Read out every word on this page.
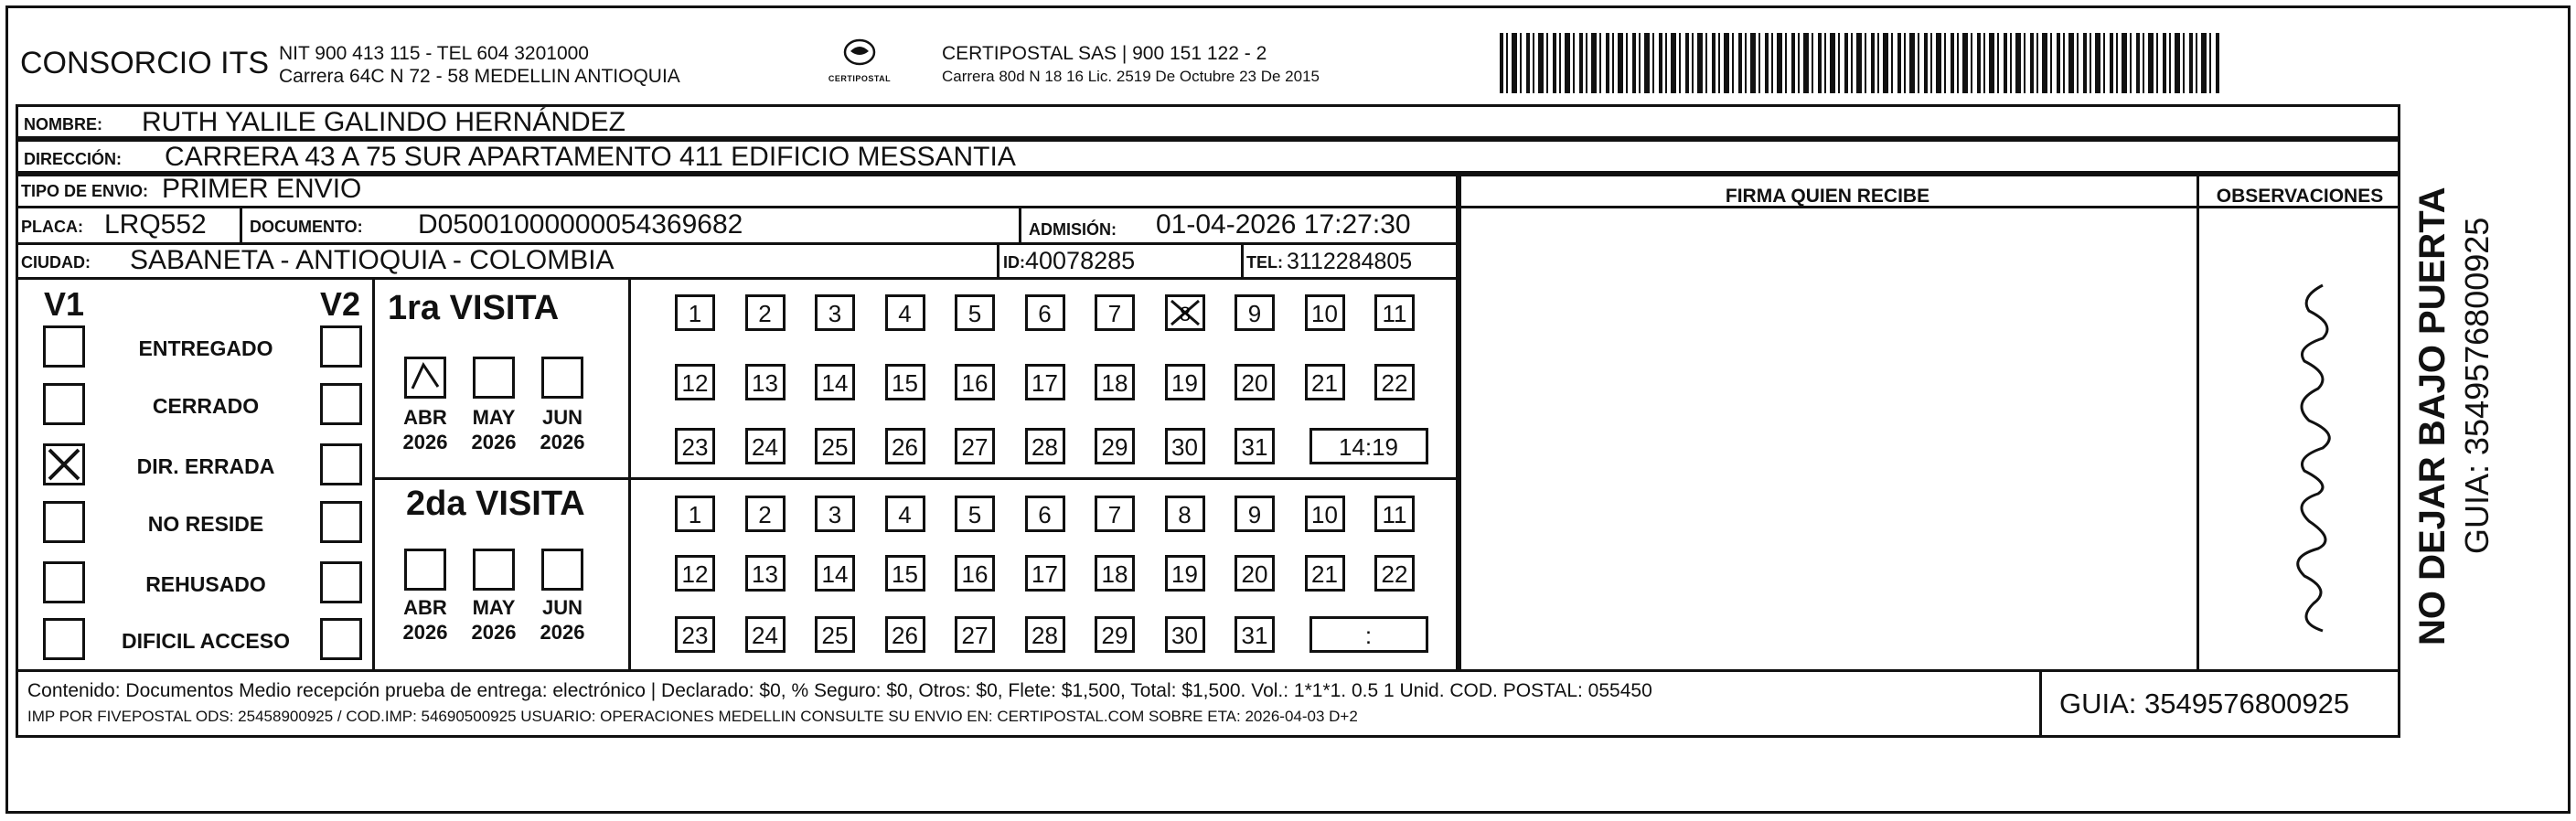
CONSORCIO ITS NIT 900 413 115 - TEL 604 3201000
Carrera 64C N 72 - 58 MEDELLIN ANTIOQUIA	CERTIPOSTAL
CERTIPOSTAL SAS | 900 151 122 - 2
Carrera 80d N 18 16 Lic. 2519 De Octubre 23 De 2015
NOMBRE: RUTH YALILE GALINDO HERNÁNDEZ
DIRECCIÓN: CARRERA 43 A 75 SUR APARTAMENTO 411 EDIFICIO MESSANTIA
TIPO DE ENVIO: PRIMER ENVIO
PLACA: LRQ552	DOCUMENTO: D05001000000054369682	ADMISIÓN: 01-04-2026 17:27:30
CIUDAD: SABANETA - ANTIOQUIA - COLOMBIA	ID: 40078285	TEL: 3112284805
V1	V2
ENTREGADO
CERRADO
DIR. ERRADA
NO RESIDE
REHUSADO
DIFICIL ACCESO
1ra VISITA
2da VISITA
ABR
2026
MAY
2026
JUN
2026
ABR
2026
MAY
2026
JUN
2026
1	2	3	4	5	6	7	8	9	10	11
12 13 14 15 16 17 18 19 20 21 22
23 24 25 26 27 28 29 30 31	14:19
1	2	3	4	5	6	7	8	9	10	11
12 13 14 15 16 17 18 19 20 21 22
23 24 25 26 27 28 29 30 31	:
FIRMA QUIEN RECIBE	OBSERVACIONES
Contenido: Documentos Medio recepción prueba de entrega: electrónico | Declarado: $0, % Seguro: $0, Otros: $0, Flete: $1,500, Total: $1,500. Vol.: 1*1*1. 0.5 1 Unid. COD. POSTAL: 055450
IMP POR FIVEPOSTAL ODS: 25458900925 / COD.IMP: 54690500925 USUARIO: OPERACIONES MEDELLIN CONSULTE SU ENVIO EN: CERTIPOSTAL.COM SOBRE ETA: 2026-04-03 D+2	GUIA: 3549576800925
NO DEJAR BAJO PUERTA GUIA: 3549576800925
